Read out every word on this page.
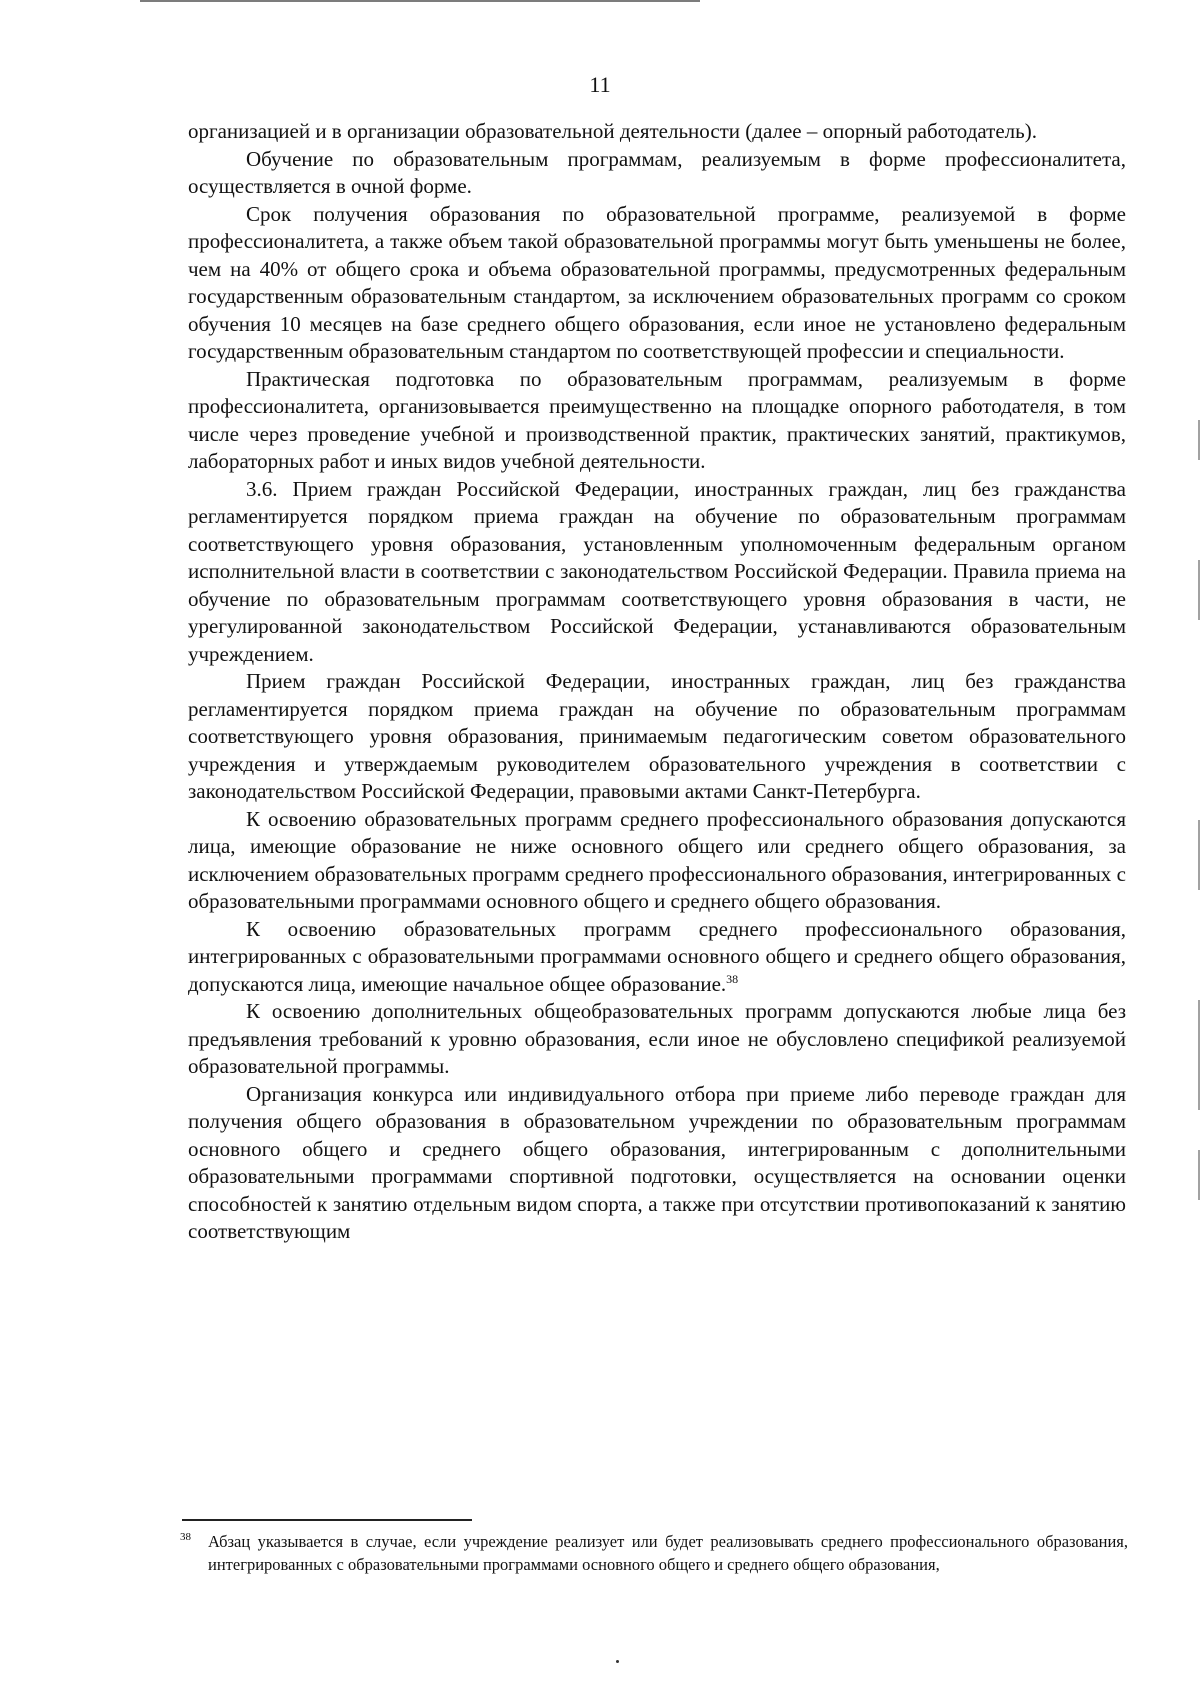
11

организацией и в организации образовательной деятельности (далее – опорный работодатель).

Обучение по образовательным программам, реализуемым в форме профессионалитета, осуществляется в очной форме.

Срок получения образования по образовательной программе, реализуемой в форме профессионалитета, а также объем такой образовательной программы могут быть уменьшены не более, чем на 40% от общего срока и объема образовательной программы, предусмотренных федеральным государственным образовательным стандартом, за исключением образовательных программ со сроком обучения 10 месяцев на базе среднего общего образования, если иное не установлено федеральным государственным образовательным стандартом по соответствующей профессии и специальности.

Практическая подготовка по образовательным программам, реализуемым в форме профессионалитета, организовывается преимущественно на площадке опорного работодателя, в том числе через проведение учебной и производственной практик, практических занятий, практикумов, лабораторных работ и иных видов учебной деятельности.

3.6. Прием граждан Российской Федерации, иностранных граждан, лиц без гражданства регламентируется порядком приема граждан на обучение по образовательным программам соответствующего уровня образования, установленным уполномоченным федеральным органом исполнительной власти в соответствии с законодательством Российской Федерации. Правила приема на обучение по образовательным программам соответствующего уровня образования в части, не урегулированной законодательством Российской Федерации, устанавливаются образовательным учреждением.

Прием граждан Российской Федерации, иностранных граждан, лиц без гражданства регламентируется порядком приема граждан на обучение по образовательным программам соответствующего уровня образования, принимаемым педагогическим советом образовательного учреждения и утверждаемым руководителем образовательного учреждения в соответствии с законодательством Российской Федерации, правовыми актами Санкт-Петербурга.

К освоению образовательных программ среднего профессионального образования допускаются лица, имеющие образование не ниже основного общего или среднего общего образования, за исключением образовательных программ среднего профессионального образования, интегрированных с образовательными программами основного общего и среднего общего образования.

К освоению образовательных программ среднего профессионального образования, интегрированных с образовательными программами основного общего и среднего общего образования, допускаются лица, имеющие начальное общее образование.$^{38}$

К освоению дополнительных общеобразовательных программ допускаются любые лица без предъявления требований к уровню образования, если иное не обусловлено спецификой реализуемой образовательной программы.

Организация конкурса или индивидуального отбора при приеме либо переводе граждан для получения общего образования в образовательном учреждении по образовательным программам основного общего и среднего общего образования, интегрированным с дополнительными образовательными программами спортивной подготовки, осуществляется на основании оценки способностей к занятию отдельным видом спорта, а также при отсутствии противопоказаний к занятию соответствующим

38 Абзац указывается в случае, если учреждение реализует или будет реализовывать среднего профессионального образования, интегрированных с образовательными программами основного общего и среднего общего образования,
